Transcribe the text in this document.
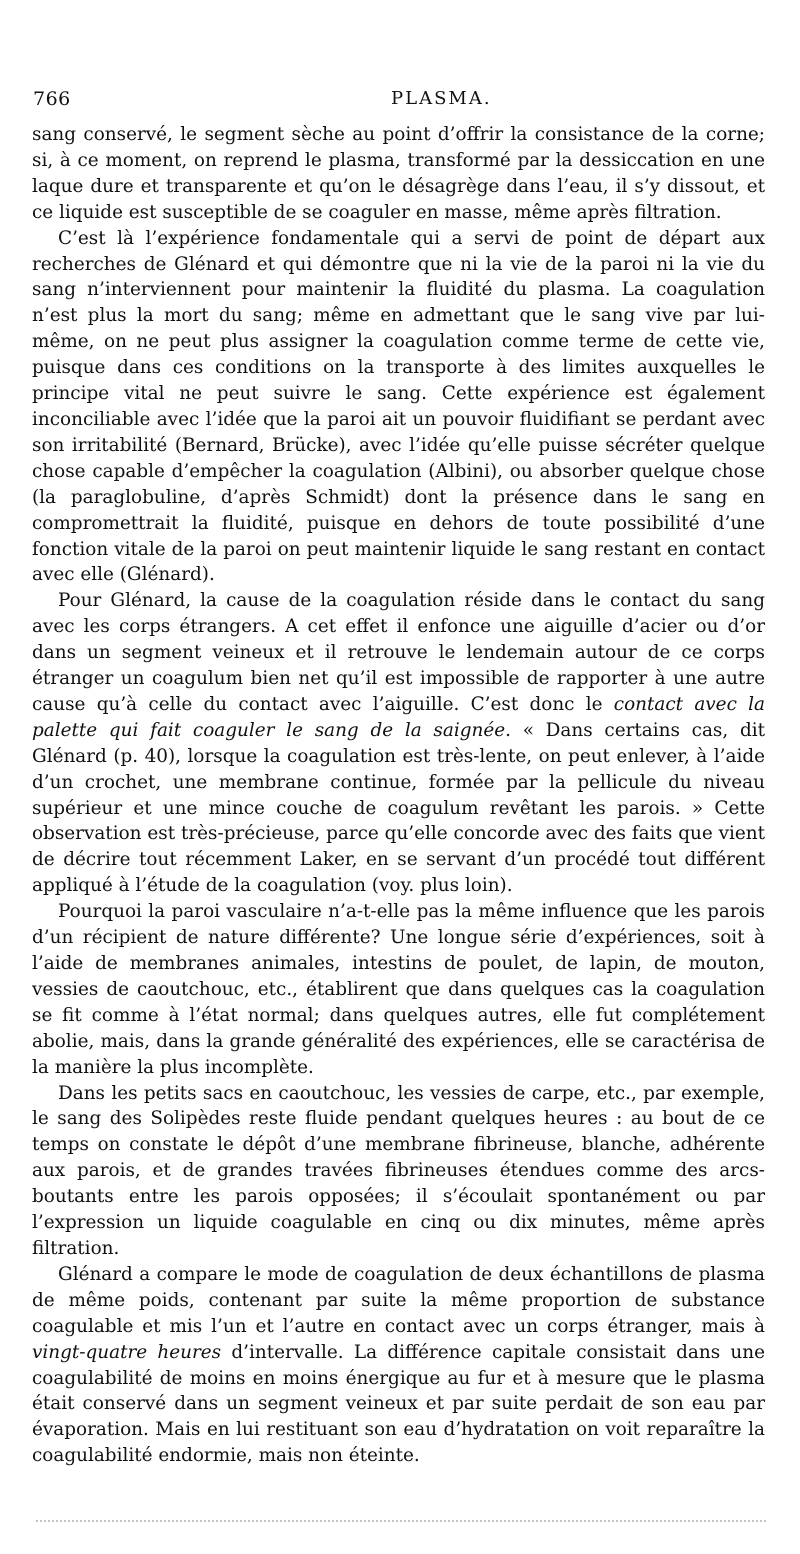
766	PLASMA.

sang conservé, le segment sèche au point d’offrir la consistance de la corne; si, à ce moment, on reprend le plasma, transformé par la dessiccation en une laque dure et transparente et qu’on le désagrège dans l’eau, il s’y dissout, et ce liquide est susceptible de se coaguler en masse, même après filtration.

C’est là l’expérience fondamentale qui a servi de point de départ aux recherches de Glénard et qui démontre que ni la vie de la paroi ni la vie du sang n’interviennent pour maintenir la fluidité du plasma. La coagulation n’est plus la mort du sang; même en admettant que le sang vive par lui-même, on ne peut plus assigner la coagulation comme terme de cette vie, puisque dans ces conditions on la transporte à des limites auxquelles le principe vital ne peut suivre le sang. Cette expérience est également inconciliable avec l’idée que la paroi ait un pouvoir fluidifiant se perdant avec son irritabilité (Bernard, Brücke), avec l’idée qu’elle puisse sécréter quelque chose capable d’empêcher la coagulation (Albini), ou absorber quelque chose (la paraglobuline, d’après Schmidt) dont la présence dans le sang en compromettrait la fluidité, puisque en dehors de toute possibilité d’une fonction vitale de la paroi on peut maintenir liquide le sang restant en contact avec elle (Glénard).

Pour Glénard, la cause de la coagulation réside dans le contact du sang avec les corps étrangers. A cet effet il enfonce une aiguille d’acier ou d’or dans un segment veineux et il retrouve le lendemain autour de ce corps étranger un coagulum bien net qu’il est impossible de rapporter à une autre cause qu’à celle du contact avec l’aiguille. C’est donc le contact avec la palette qui fait coaguler le sang de la saignée. « Dans certains cas, dit Glénard (p. 40), lorsque la coagulation est très-lente, on peut enlever, à l’aide d’un crochet, une membrane continue, formée par la pellicule du niveau supérieur et une mince couche de coagulum revêtant les parois. » Cette observation est très-précieuse, parce qu’elle concorde avec des faits que vient de décrire tout récemment Laker, en se servant d’un procédé tout différent appliqué à l’étude de la coagulation (voy. plus loin).

Pourquoi la paroi vasculaire n’a-t-elle pas la même influence que les parois d’un récipient de nature différente? Une longue série d’expériences, soit à l’aide de membranes animales, intestins de poulet, de lapin, de mouton, vessies de caoutchouc, etc., établirent que dans quelques cas la coagulation se fit comme à l’état normal; dans quelques autres, elle fut complétement abolie, mais, dans la grande généralité des expériences, elle se caractérisa de la manière la plus incomplète.

Dans les petits sacs en caoutchouc, les vessies de carpe, etc., par exemple, le sang des Solipèdes reste fluide pendant quelques heures : au bout de ce temps on constate le dépôt d’une membrane fibrineuse, blanche, adhérente aux parois, et de grandes travées fibrineuses étendues comme des arcs-boutants entre les parois opposées; il s’écoulait spontanément ou par l’expression un liquide coagulable en cinq ou dix minutes, même après filtration.

Glénard a compare le mode de coagulation de deux échantillons de plasma de même poids, contenant par suite la même proportion de substance coagulable et mis l’un et l’autre en contact avec un corps étranger, mais à vingt-quatre heures d’intervalle. La différence capitale consistait dans une coagulabilité de moins en moins énergique au fur et à mesure que le plasma était conservé dans un segment veineux et par suite perdait de son eau par évaporation. Mais en lui restituant son eau d’hydratation on voit reparaître la coagulabilité endormie, mais non éteinte.
